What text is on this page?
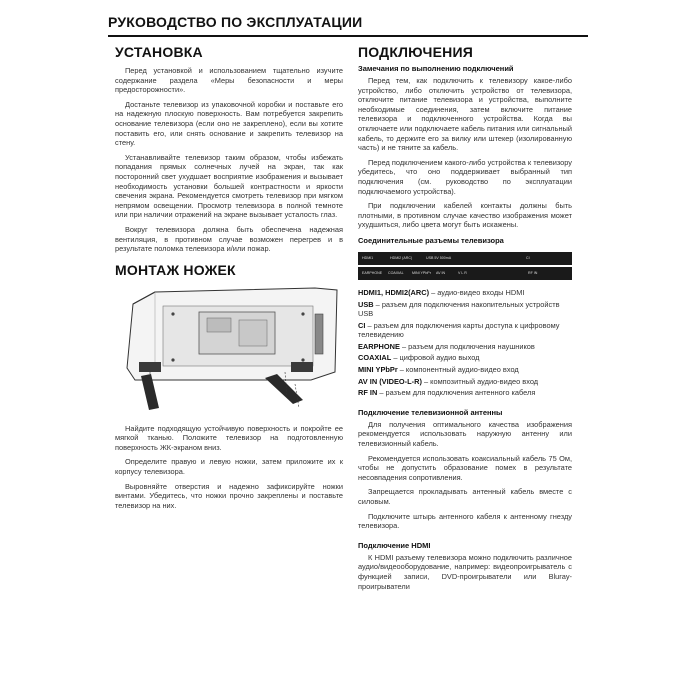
РУКОВОДСТВО ПО ЭКСПЛУАТАЦИИ
УСТАНОВКА

Перед установкой и использованием тщательно изучите содержание раздела «Меры безопасности и меры предосторожности».

Достаньте телевизор из упаковочной коробки и поставьте его на надежную плоскую поверхность. Вам потребуется закрепить основание телевизора (если оно не закреплено), если вы хотите поставить его, или снять основание и закрепить телевизор на стену.

Устанавливайте телевизор таким образом, чтобы избежать попадания прямых солнечных лучей на экран, так как посторонний свет ухудшает восприятие изображения и вызывает необходимость установки большей контрастности и яркости свечения экрана. Рекомендуется смотреть телевизор при мягком непрямом освещении. Просмотр телевизора в полной темноте или при наличии отражений на экране вызывает усталость глаз.

Вокруг телевизора должна быть обеспечена надежная вентиляция, в противном случае возможен перегрев и в результате поломка телевизора и/или пожар.

МОНТАЖ НОЖЕК

Найдите подходящую устойчивую поверхность и покройте ее мягкой тканью. Положите телевизор на подготовленную поверхность ЖК-экраном вниз.

Определите правую и левую ножки, затем приложите их к корпусу телевизора.

Выровняйте отверстия и надежно зафиксируйте ножки винтами. Убедитесь, что ножки прочно закреплены и поставьте телевизор на них.

ПОДКЛЮЧЕНИЯ
Замечания по выполнению подключений

Перед тем, как подключить к телевизору какое-либо устройство, либо отключить устройство от телевизора, отключите питание телевизора и устройства, выполните необходимые соединения, затем включите питание телевизора и подключенного устройства. Когда вы отключаете или подключаете кабель питания или сигнальный кабель, то держите его за вилку или штекер (изолированную часть) и не тяните за кабель.

Перед подключением какого-либо устройства к телевизору убедитесь, что оно поддерживает выбранный тип подключения (см. руководство по эксплуатации подключаемого устройства).

При подключении кабелей контакты должны быть плотными, в противном случае качество изображения может ухудшиться, либо цвета могут быть искажены.

Соединительные разъемы телевизора
HDMI1	HDMI2 (ARC)	USB 5V 500mA	CI
EARPHONE	COAXIAL	MINI YPbPr	AV IN	V L R	RF IN
HDMI1, HDMI2(ARC) – аудио-видео входы HDMI
USB – разъем для подключения накопительных устройств USB
CI – разъем для подключения карты доступа к цифровому телевидению
EARPHONE – разъем для подключения наушников
COAXIAL – цифровой аудио выход
MINI YPbPr – компонентный аудио-видео вход
AV IN (VIDEO-L-R) – композитный аудио-видео вход
RF IN – разъем для подключения антенного кабеля
Подключение телевизионной антенны

Для получения оптимального качества изображения рекомендуется использовать наружную антенну или телевизионный кабель.

Рекомендуется использовать коаксиальный кабель 75 Ом, чтобы не допустить образование помех в результате несовпадения сопротивления.

Запрещается прокладывать антенный кабель вместе с силовым.

Подключите штырь антенного кабеля к антенному гнезду телевизора.

Подключение HDMI

К HDMI разъему телевизора можно подключить различное аудио/видеооборудование, например: видеопроигрыватель с функцией записи, DVD-проигрыватели или Bluray-проигрыватели
